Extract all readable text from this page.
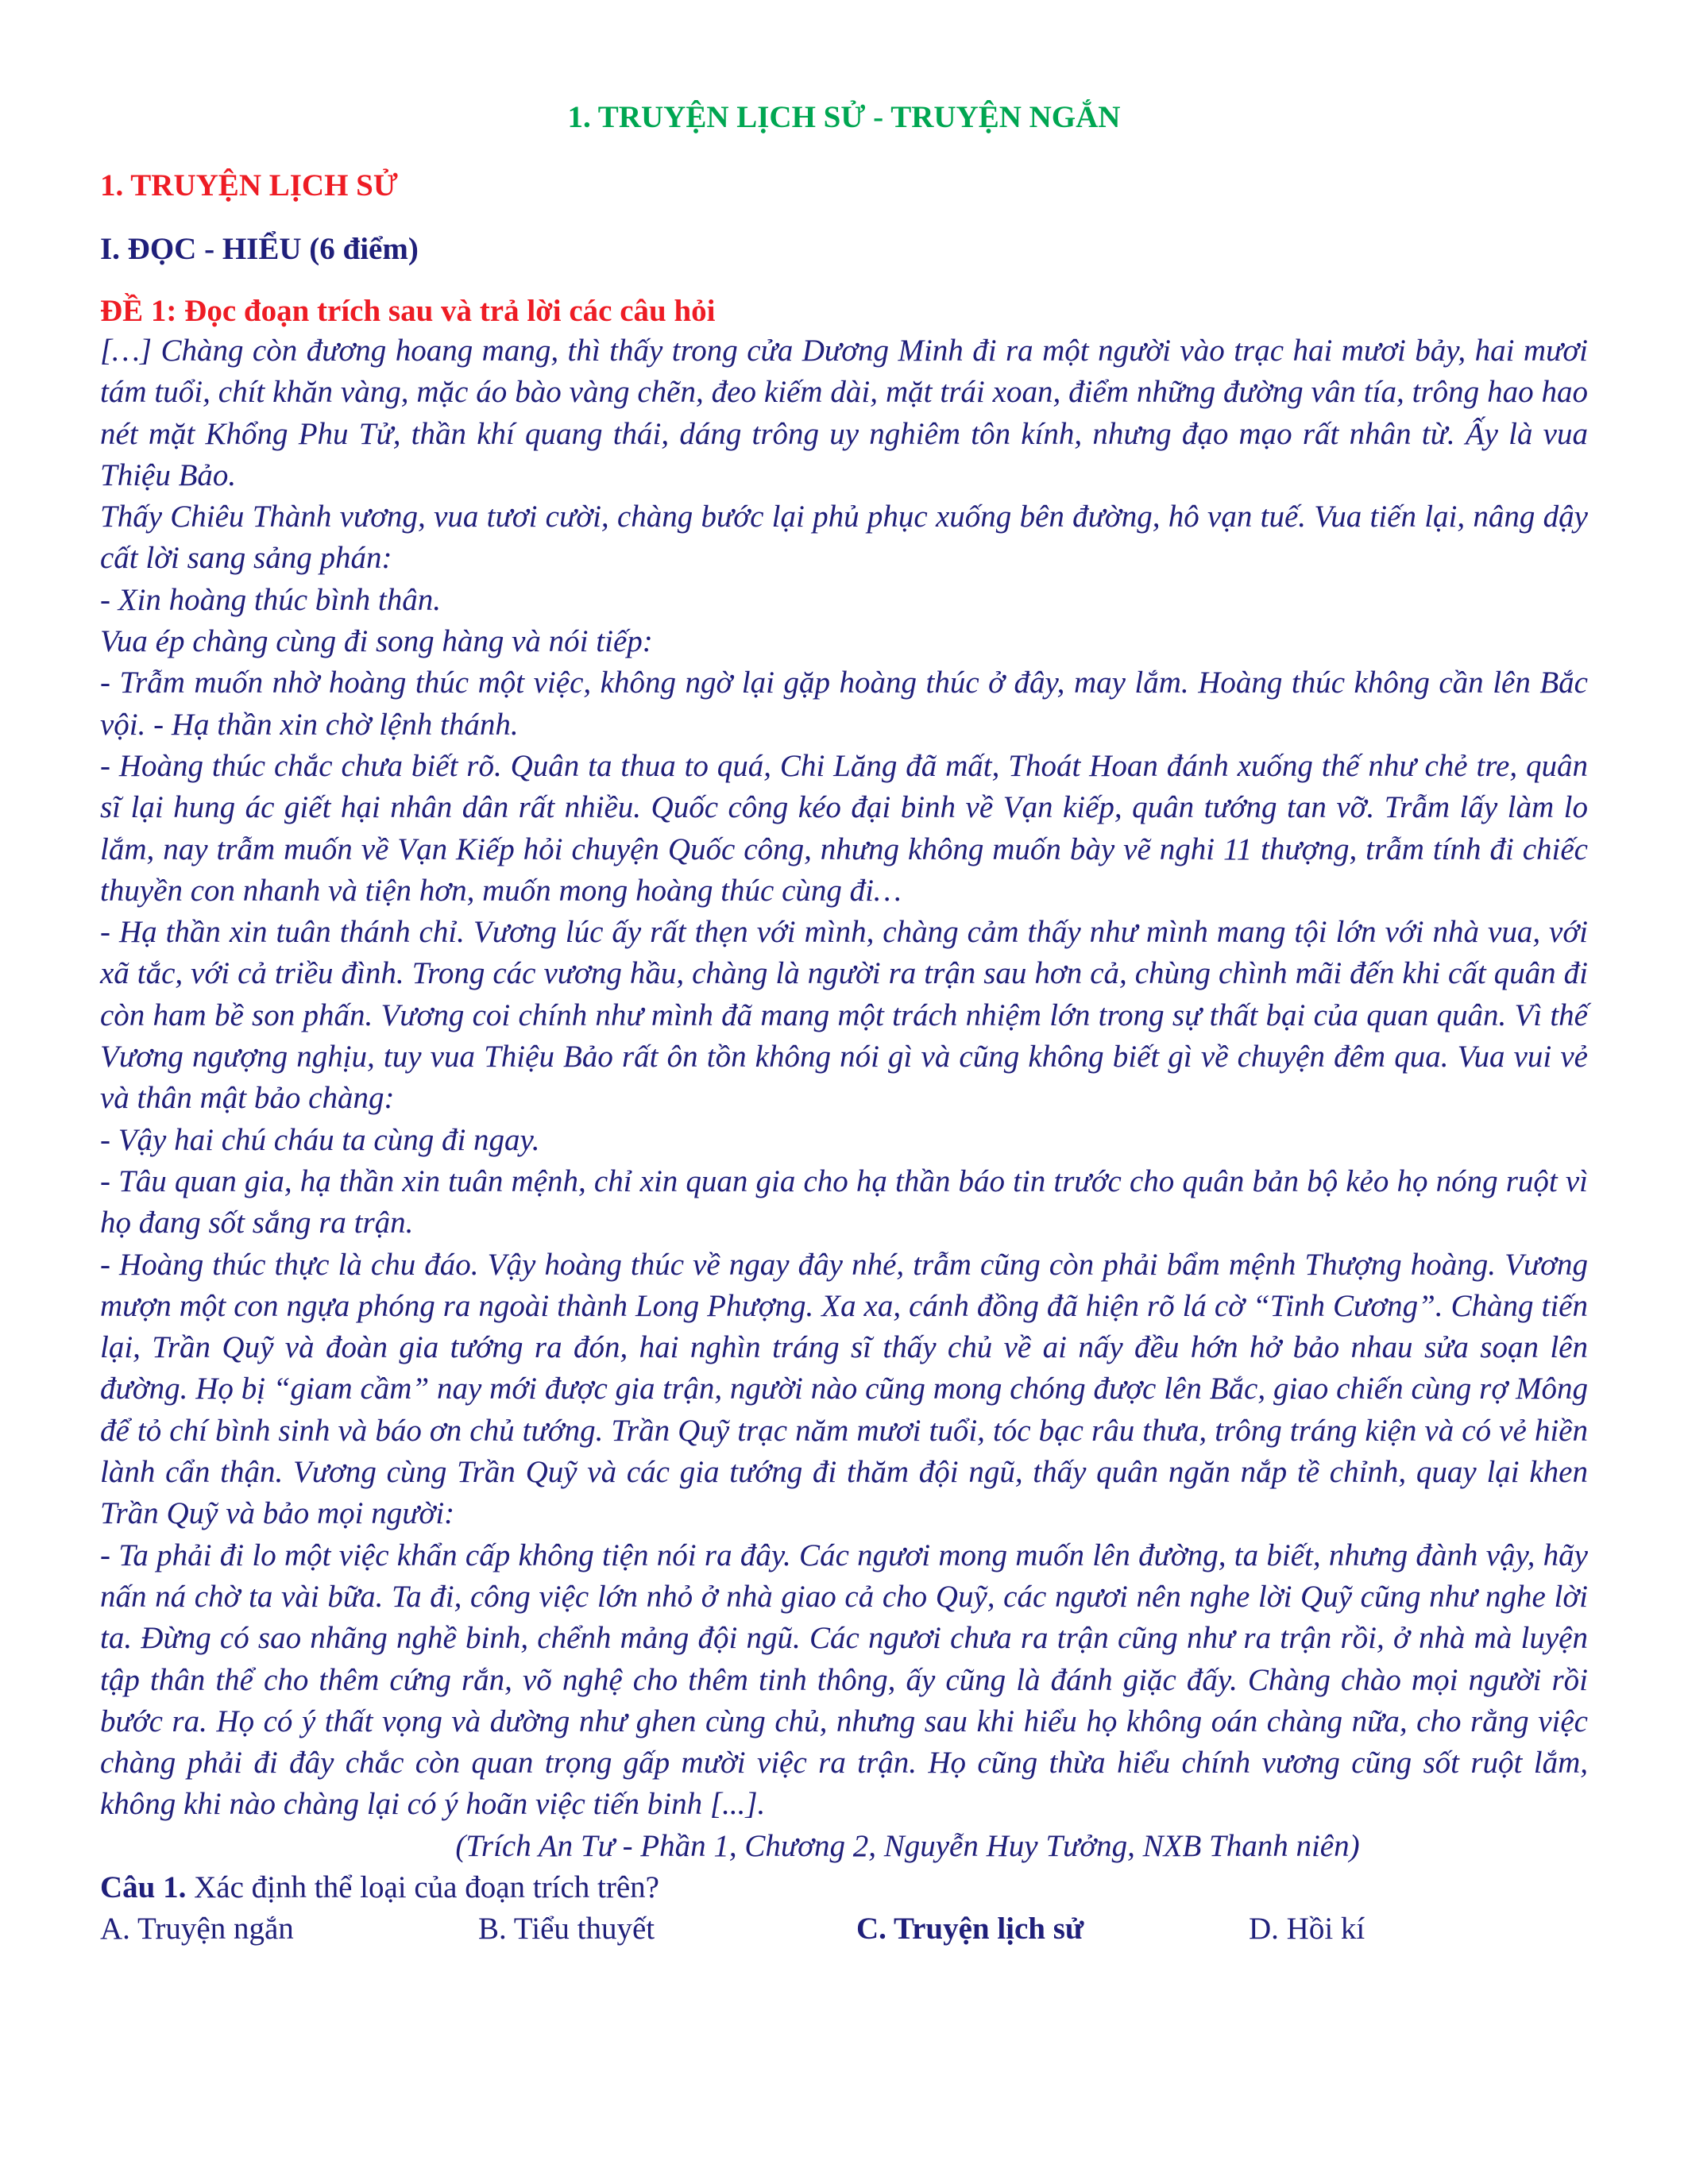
1. TRUYỆN LỊCH SỬ - TRUYỆN NGẮN
1. TRUYỆN LỊCH SỬ
I. ĐỌC - HIỂU (6 điểm)
ĐỀ 1: Đọc đoạn trích sau và trả lời các câu hỏi

[…] Chàng còn đương hoang mang, thì thấy trong cửa Dương Minh đi ra một người vào trạc hai mươi bảy, hai mươi tám tuổi, chít khăn vàng, mặc áo bào vàng chẽn, đeo kiếm dài, mặt trái xoan, điểm những đường vân tía, trông hao hao nét mặt Khổng Phu Tử, thần khí quang thái, dáng trông uy nghiêm tôn kính, nhưng đạo mạo rất nhân từ. Ấy là vua Thiệu Bảo.

Thấy Chiêu Thành vương, vua tươi cười, chàng bước lại phủ phục xuống bên đường, hô vạn tuế. Vua tiến lại, nâng dậy cất lời sang sảng phán:

- Xin hoàng thúc bình thân.

Vua ép chàng cùng đi song hàng và nói tiếp:

- Trẫm muốn nhờ hoàng thúc một việc, không ngờ lại gặp hoàng thúc ở đây, may lắm. Hoàng thúc không cần lên Bắc vội. - Hạ thần xin chờ lệnh thánh.

- Hoàng thúc chắc chưa biết rõ. Quân ta thua to quá, Chi Lăng đã mất, Thoát Hoan đánh xuống thế như chẻ tre, quân sĩ lại hung ác giết hại nhân dân rất nhiều. Quốc công kéo đại binh về Vạn kiếp, quân tướng tan vỡ. Trẫm lấy làm lo lắm, nay trẫm muốn về Vạn Kiếp hỏi chuyện Quốc công, nhưng không muốn bày vẽ nghi 11 thượng, trẫm tính đi chiếc thuyền con nhanh và tiện hơn, muốn mong hoàng thúc cùng đi…

- Hạ thần xin tuân thánh chỉ. Vương lúc ấy rất thẹn với mình, chàng cảm thấy như mình mang tội lớn với nhà vua, với xã tắc, với cả triều đình. Trong các vương hầu, chàng là người ra trận sau hơn cả, chùng chình mãi đến khi cất quân đi còn ham bề son phấn. Vương coi chính như mình đã mang một trách nhiệm lớn trong sự thất bại của quan quân. Vì thế Vương ngượng nghịu, tuy vua Thiệu Bảo rất ôn tồn không nói gì và cũng không biết gì về chuyện đêm qua. Vua vui vẻ và thân mật bảo chàng:

- Vậy hai chú cháu ta cùng đi ngay.

- Tâu quan gia, hạ thần xin tuân mệnh, chỉ xin quan gia cho hạ thần báo tin trước cho quân bản bộ kẻo họ nóng ruột vì họ đang sốt sắng ra trận.

- Hoàng thúc thực là chu đáo. Vậy hoàng thúc về ngay đây nhé, trẫm cũng còn phải bẩm mệnh Thượng hoàng. Vương mượn một con ngựa phóng ra ngoài thành Long Phượng. Xa xa, cánh đồng đã hiện rõ lá cờ “Tinh Cương”. Chàng tiến lại, Trần Quỹ và đoàn gia tướng ra đón, hai nghìn tráng sĩ thấy chủ về ai nấy đều hớn hở bảo nhau sửa soạn lên đường. Họ bị “giam cầm” nay mới được gia trận, người nào cũng mong chóng được lên Bắc, giao chiến cùng rợ Mông để tỏ chí bình sinh và báo ơn chủ tướng. Trần Quỹ trạc năm mươi tuổi, tóc bạc râu thưa, trông tráng kiện và có vẻ hiền lành cẩn thận. Vương cùng Trần Quỹ và các gia tướng đi thăm đội ngũ, thấy quân ngăn nắp tề chỉnh, quay lại khen Trần Quỹ và bảo mọi người:

- Ta phải đi lo một việc khẩn cấp không tiện nói ra đây. Các ngươi mong muốn lên đường, ta biết, nhưng đành vậy, hãy nấn ná chờ ta vài bữa. Ta đi, công việc lớn nhỏ ở nhà giao cả cho Quỹ, các ngươi nên nghe lời Quỹ cũng như nghe lời ta. Đừng có sao nhãng nghề binh, chểnh mảng đội ngũ. Các ngươi chưa ra trận cũng như ra trận rồi, ở nhà mà luyện tập thân thể cho thêm cứng rắn, võ nghệ cho thêm tinh thông, ấy cũng là đánh giặc đấy. Chàng chào mọi người rồi bước ra. Họ có ý thất vọng và dường như ghen cùng chủ, nhưng sau khi hiểu họ không oán chàng nữa, cho rằng việc chàng phải đi đây chắc còn quan trọng gấp mười việc ra trận. Họ cũng thừa hiểu chính vương cũng sốt ruột lắm, không khi nào chàng lại có ý hoãn việc tiến binh [...].

(Trích An Tư - Phần 1, Chương 2, Nguyễn Huy Tưởng, NXB Thanh niên)

Câu 1. Xác định thể loại của đoạn trích trên?

A. Truyện ngắn	B. Tiểu thuyết	C. Truyện lịch sử	D. Hồi kí
